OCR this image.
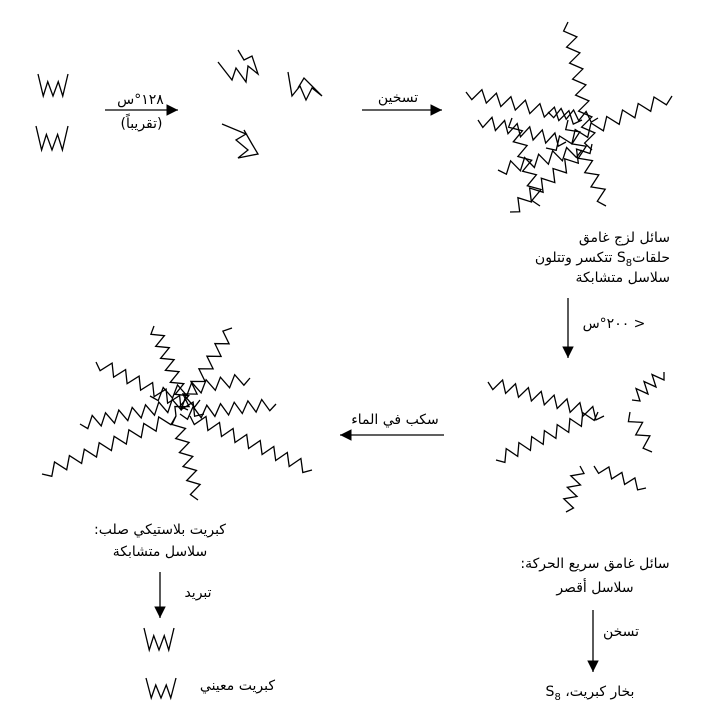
١٢٨°س
(تقريباً)
تسخين
سائل لزج غامق
حلقاتS$_8$ تتكسر وتتلون
سلاسل متشابكة
< ٢٠٠°س
سكب في الماء
كبريت بلاستيكي صلب:
سلاسل متشابكة
تبريد
كبريت معيني
سائل غامق سريع الحركة:
سلاسل أقصر
تسخن
بخار كبريت، $S_8$
